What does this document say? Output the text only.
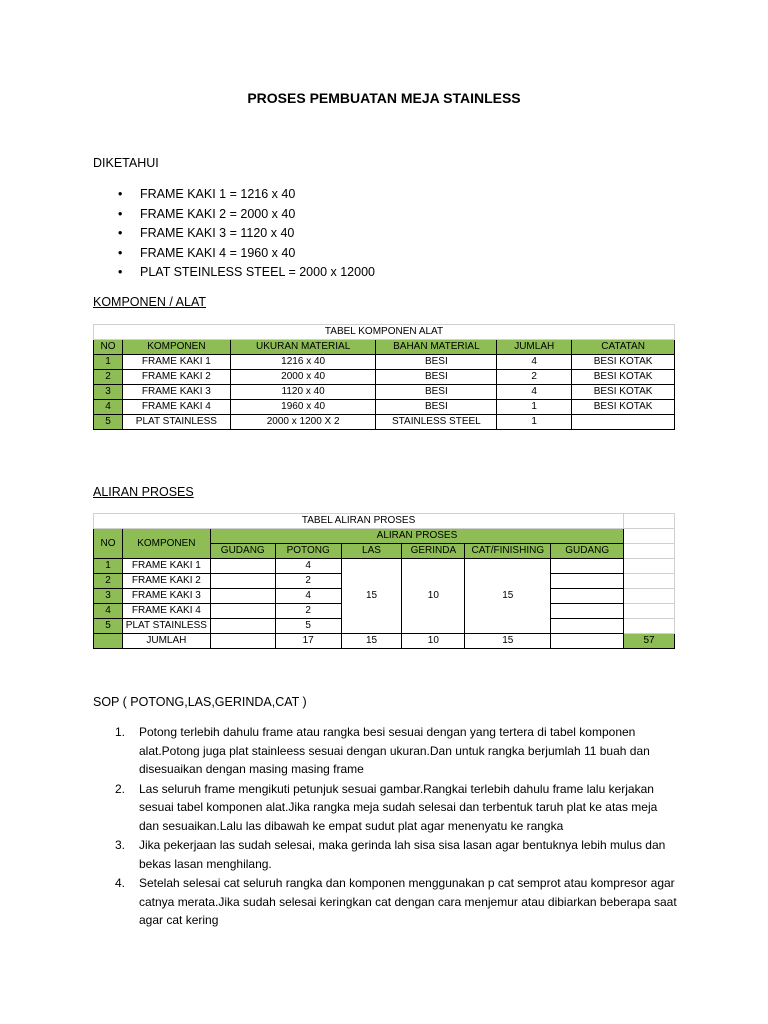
PROSES PEMBUATAN MEJA STAINLESS
DIKETAHUI
• FRAME KAKI 1 = 1216 x 40
• FRAME KAKI 2 = 2000 x 40
• FRAME KAKI 3 = 1120 x 40
• FRAME KAKI 4 = 1960 x 40
• PLAT STEINLESS STEEL = 2000 x 12000
KOMPONEN / ALAT
TABEL KOMPONEN ALAT					
NO	KOMPONEN	UKURAN MATERIAL	BAHAN MATERIAL	JUMLAH	CATATAN
1	FRAME KAKI 1	1216 x 40	BESI	4	BESI KOTAK
2	FRAME KAKI 2	2000 x 40	BESI	2	BESI KOTAK
3	FRAME KAKI 3	1120 x 40	BESI	4	BESI KOTAK
4	FRAME KAKI 4	1960 x 40	BESI	1	BESI KOTAK
5	PLAT STAINLESS	2000 x 1200 X 2	STAINLESS STEEL	1	
ALIRAN PROSES
TABEL ALIRAN PROSES								
NO	KOMPONEN	ALIRAN PROSES						
		GUDANG	POTONG	LAS	GERINDA	CAT/FINISHING	GUDANG	
1	FRAME KAKI 1		4	15	10	15		
2	FRAME KAKI 2		2					
3	FRAME KAKI 3		4					
4	FRAME KAKI 4		2					
5	PLAT STAINLESS		5					
	JUMLAH		17	15	10	15		57
SOP ( POTONG,LAS,GERINDA,CAT )
1. Potong terlebih dahulu frame atau rangka besi sesuai dengan yang tertera di tabel komponen alat.Potong juga plat stainleess sesuai dengan ukuran.Dan untuk rangka berjumlah 11 buah dan disesuaikan dengan masing masing frame
2. Las seluruh frame mengikuti petunjuk sesuai gambar.Rangkai terlebih dahulu frame lalu kerjakan sesuai tabel komponen alat.Jika rangka meja sudah selesai dan terbentuk taruh plat ke atas meja dan sesuaikan.Lalu las dibawah ke empat sudut plat agar menenyatu ke rangka
3. Jika pekerjaan las sudah selesai, maka gerinda lah sisa sisa lasan agar bentuknya lebih mulus dan bekas lasan menghilang.
4. Setelah selesai cat seluruh rangka dan komponen menggunakan p cat semprot atau kompresor agar catnya merata.Jika sudah selesai keringkan cat dengan cara menjemur atau dibiarkan beberapa saat agar cat kering
